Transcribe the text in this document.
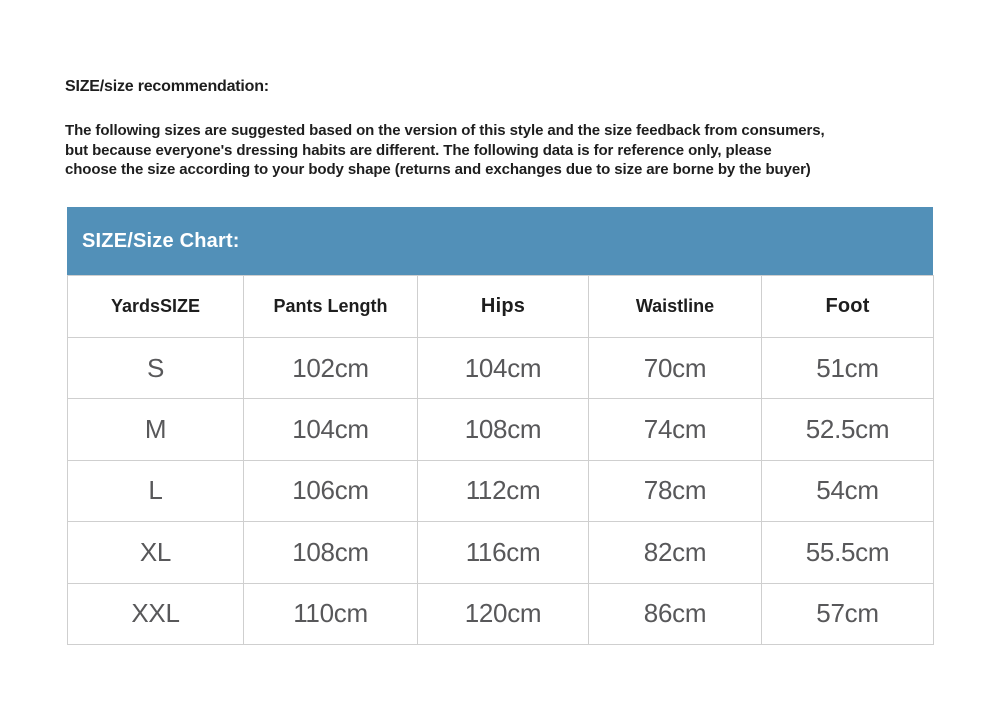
SIZE/size recommendation:
The following sizes are suggested based on the version of this style and the size feedback from consumers,
but because everyone's dressing habits are different. The following data is for reference only, please
choose the size according to your body shape (returns and exchanges due to size are borne by the buyer)
SIZE/Size Chart:
YardsSIZE	Pants Length	Hips	Waistline	Foot
S	102cm	104cm	70cm	51cm
M	104cm	108cm	74cm	52.5cm
L	106cm	112cm	78cm	54cm
XL	108cm	116cm	82cm	55.5cm
XXL	110cm	120cm	86cm	57cm
